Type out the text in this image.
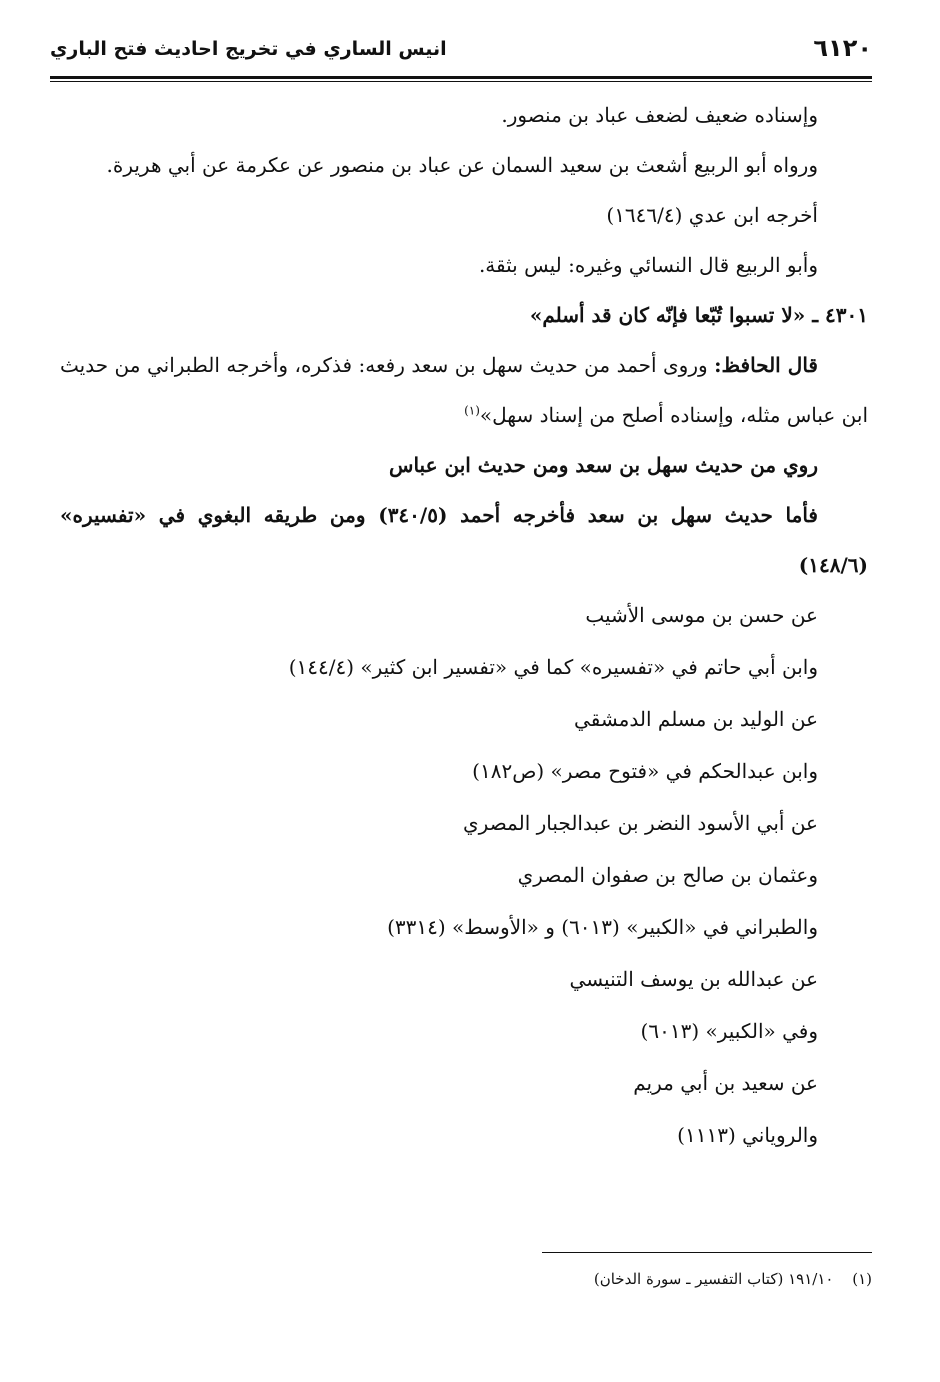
٦١٢٠
انيس الساري في تخريج احاديث فتح الباري

وإسناده ضعيف لضعف عباد بن منصور.

ورواه أبو الربيع أشعث بن سعيد السمان عن عباد بن منصور عن عكرمة عن أبي هريرة.

أخرجه ابن عدي (١٦٤٦/٤)

وأبو الربيع قال النسائي وغيره: ليس بثقة.

٤٣٠١ ـ «لا تسبوا تُبّعا فإنّه كان قد أسلم»

قال الحافظ: وروى أحمد من حديث سهل بن سعد رفعه: فذكره، وأخرجه الطبراني من حديث ابن عباس مثله، وإسناده أصلح من إسناد سهل»$^{(١)}$

روي من حديث سهل بن سعد ومن حديث ابن عباس

فأما حديث سهل بن سعد فأخرجه أحمد (٣٤٠/٥) ومن طريقه البغوي في «تفسيره» (١٤٨/٦)

عن حسن بن موسى الأشيب

وابن أبي حاتم في «تفسيره» كما في «تفسير ابن كثير» (١٤٤/٤)

عن الوليد بن مسلم الدمشقي

وابن عبدالحكم في «فتوح مصر» (ص١٨٢)

عن أبي الأسود النضر بن عبدالجبار المصري

وعثمان بن صالح بن صفوان المصري

والطبراني في «الكبير» (٦٠١٣) و «الأوسط» (٣٣١٤)

عن عبدالله بن يوسف التنيسي

وفي «الكبير» (٦٠١٣)

عن سعيد بن أبي مريم

والروياني (١١١٣)

(١) ١٩١/١٠ (كتاب التفسير ـ سورة الدخان)
